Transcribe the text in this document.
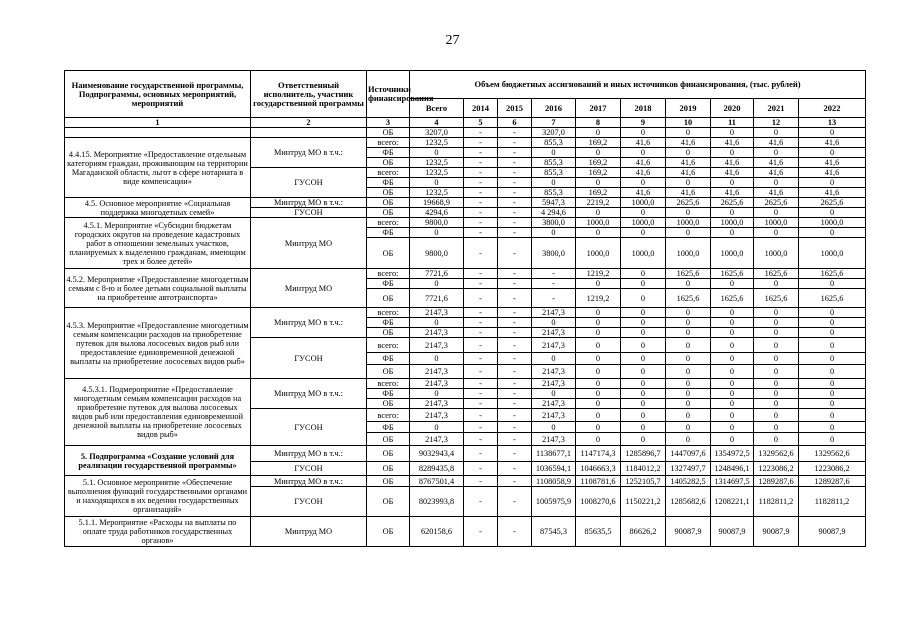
27
Наименование государственной программы, Подпрограммы, основных мероприятий, мероприятий	Ответственный исполнитель, участник государственной программы	Источники финансирования	Объем бюджетных ассигнований и иных источников финансирования, (тыс. рублей)									
			Всего	2014	2015	2016	2017	2018	2019	2020	2021	2022
1	2	3	4	5	6	7	8	9	10	11	12	13
		ОБ	3207,0	-	-	3207,0	0	0	0	0	0	0
4.4.15. Мероприятие «Предоставление отдельным категориям граждан, проживающим на территории Магаданской области, льгот в сфере нотариата в виде компенсации»	Минтруд МО в т.ч.:	всего:	1232,5	-	-	855,3	169,2	41,6	41,6	41,6	41,6	41,6
		ФБ	0	-	-	0	0	0	0	0	0	0
		ОБ	1232,5	-	-	855,3	169,2	41,6	41,6	41,6	41,6	41,6
	ГУСОН	всего:	1232,5	-	-	855,3	169,2	41,6	41,6	41,6	41,6	41,6
		ФБ	0	-	-	0	0	0	0	0	0	0
		ОБ	1232,5	-	-	855,3	169,2	41,6	41,6	41,6	41,6	41,6
4.5. Основное мероприятие «Социальная поддержка многодетных семей»	Минтруд МО в т.ч.:	ОБ	19668,9	-	-	5947,3	2219,2	1000,0	2625,6	2625,6	2625,6	2625,6
	ГУСОН	ОБ	4294,6	-	-	4 294,6	0	0	0	0	0	0
4.5.1. Мероприятие «Субсидии бюджетам городских округов на проведение кадастровых работ в отношении земельных участков, планируемых к выделению гражданам, имеющим трех и более детей»	Минтруд МО	всего:	9800,0	-	-	3800,0	1000,0	1000,0	1000,0	1000,0	1000,0	1000,0
		ФБ	0	-	-	0	0	0	0	0	0	0
		ОБ	9800,0	-	-	3800,0	1000,0	1000,0	1000,0	1000,0	1000,0	1000,0
4.5.2. Мероприятие «Предоставление многодетным семьям с 8-ю и более детьми социальной выплаты на приобретение автотранспорта»	Минтруд МО	всего:	7721,6	-	-	-	1219,2	0	1625,6	1625,6	1625,6	1625,6
		ФБ	0	-	-	-	0	0	0	0	0	0
		ОБ	7721,6	-	-	-	1219,2	0	1625,6	1625,6	1625,6	1625,6
4.5.3. Мероприятие «Предоставление многодетным семьям компенсации расходов на приобретение путевок для вылова лососевых видов рыб или предоставление единовременной денежной выплаты на приобретение лососевых видов рыб»	Минтруд МО в т.ч.:	всего:	2147,3	-	-	2147,3	0	0	0	0	0	0
		ФБ	0	-	-	0	0	0	0	0	0	0
		ОБ	2147,3	-	-	2147,3	0	0	0	0	0	0
	ГУСОН	всего:	2147,3	-	-	2147,3	0	0	0	0	0	0
		ФБ	0	-	-	0	0	0	0	0	0	0
		ОБ	2147,3	-	-	2147,3	0	0	0	0	0	0
4.5.3.1. Подмероприятие «Предоставление многодетным семьям компенсации расходов на приобретение путевок для вылова лососевых видов рыб или предоставления единовременной денежной выплаты на приобретение лососевых видов рыб»	Минтруд МО в т.ч.:	всего:	2147,3	-	-	2147,3	0	0	0	0	0	0
		ФБ	0	-	-	0	0	0	0	0	0	0
		ОБ	2147,3	-	-	2147,3	0	0	0	0	0	0
	ГУСОН	всего:	2147,3	-	-	2147,3	0	0	0	0	0	0
		ФБ	0	-	-	0	0	0	0	0	0	0
		ОБ	2147,3	-	-	2147,3	0	0	0	0	0	0
5. Подпрограмма «Создание условий для реализации государственной программы»	Минтруд МО в т.ч.:	ОБ	9032943,4	-	-	1138677,1	1147174,3	1285896,7	1447097,6	1354972,5	1329562,6	1329562,6
	ГУСОН	ОБ	8289435,8	-	-	1036594,1	1046663,3	1184012,2	1327497,7	1248496,1	1223086,2	1223086,2
5.1. Основное мероприятие «Обеспечение выполнения функций государственными органами и находящихся в их ведении государственных организаций»	Минтруд МО в т.ч.:	ОБ	8767501,4	-	-	1108058,9	1108781,6	1252105,7	1405282,5	1314697,5	1289287,6	1289287,6
	ГУСОН	ОБ	8023993,8	-	-	1005975,9	1008270,6	1150221,2	1285682,6	1208221,1	1182811,2	1182811,2
5.1.1. Мероприятие «Расходы на выплаты по оплате труда работников государственных органов»	Минтруд МО	ОБ	620158,6	-	-	87545,3	85635,5	86626,2	90087,9	90087,9	90087,9	90087,9
